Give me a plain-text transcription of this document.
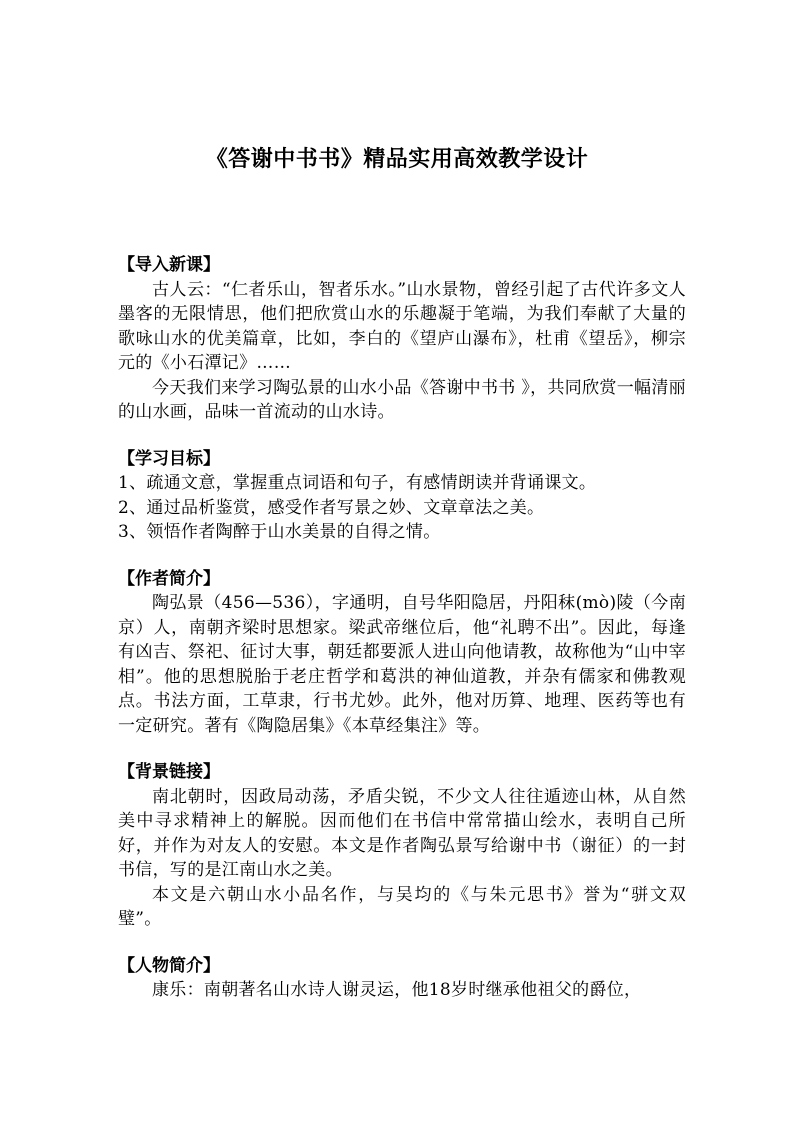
《答谢中书书》精品实用高效教学设计

【导入新课】

古人云：“仁者乐山，智者乐水。”山水景物，曾经引起了古代许多文人墨客的无限情思，他们把欣赏山水的乐趣凝于笔端，为我们奉献了大量的歌咏山水的优美篇章，比如，李白的《望庐山瀑布》，杜甫《望岳》，柳宗元的《小石潭记》……

今天我们来学习陶弘景的山水小品《答谢中书书 》，共同欣赏一幅清丽的山水画，品味一首流动的山水诗。

【学习目标】

1、疏通文意，掌握重点词语和句子，有感情朗读并背诵课文。

2、通过品析鉴赏，感受作者写景之妙、文章章法之美。

3、领悟作者陶醉于山水美景的自得之情。

【作者简介】

陶弘景（456—536），字通明，自号华阳隐居，丹阳秣(mò)陵（今南京）人，南朝齐梁时思想家。梁武帝继位后，他“礼聘不出”。因此，每逢有凶吉、祭祀、征讨大事，朝廷都要派人进山向他请教，故称他为“山中宰相”。他的思想脱胎于老庄哲学和葛洪的神仙道教，并杂有儒家和佛教观点。书法方面，工草隶，行书尤妙。此外，他对历算、地理、医药等也有一定研究。著有《陶隐居集》《本草经集注》等。

【背景链接】

南北朝时，因政局动荡，矛盾尖锐，不少文人往往遁迹山林，从自然美中寻求精神上的解脱。因而他们在书信中常常描山绘水，表明自己所好，并作为对友人的安慰。本文是作者陶弘景写给谢中书（谢征）的一封书信，写的是江南山水之美。

本文是六朝山水小品名作，与吴均的《与朱元思书》誉为“骈文双璧”。

【人物简介】

康乐：南朝著名山水诗人谢灵运，他18岁时继承他祖父的爵位，
